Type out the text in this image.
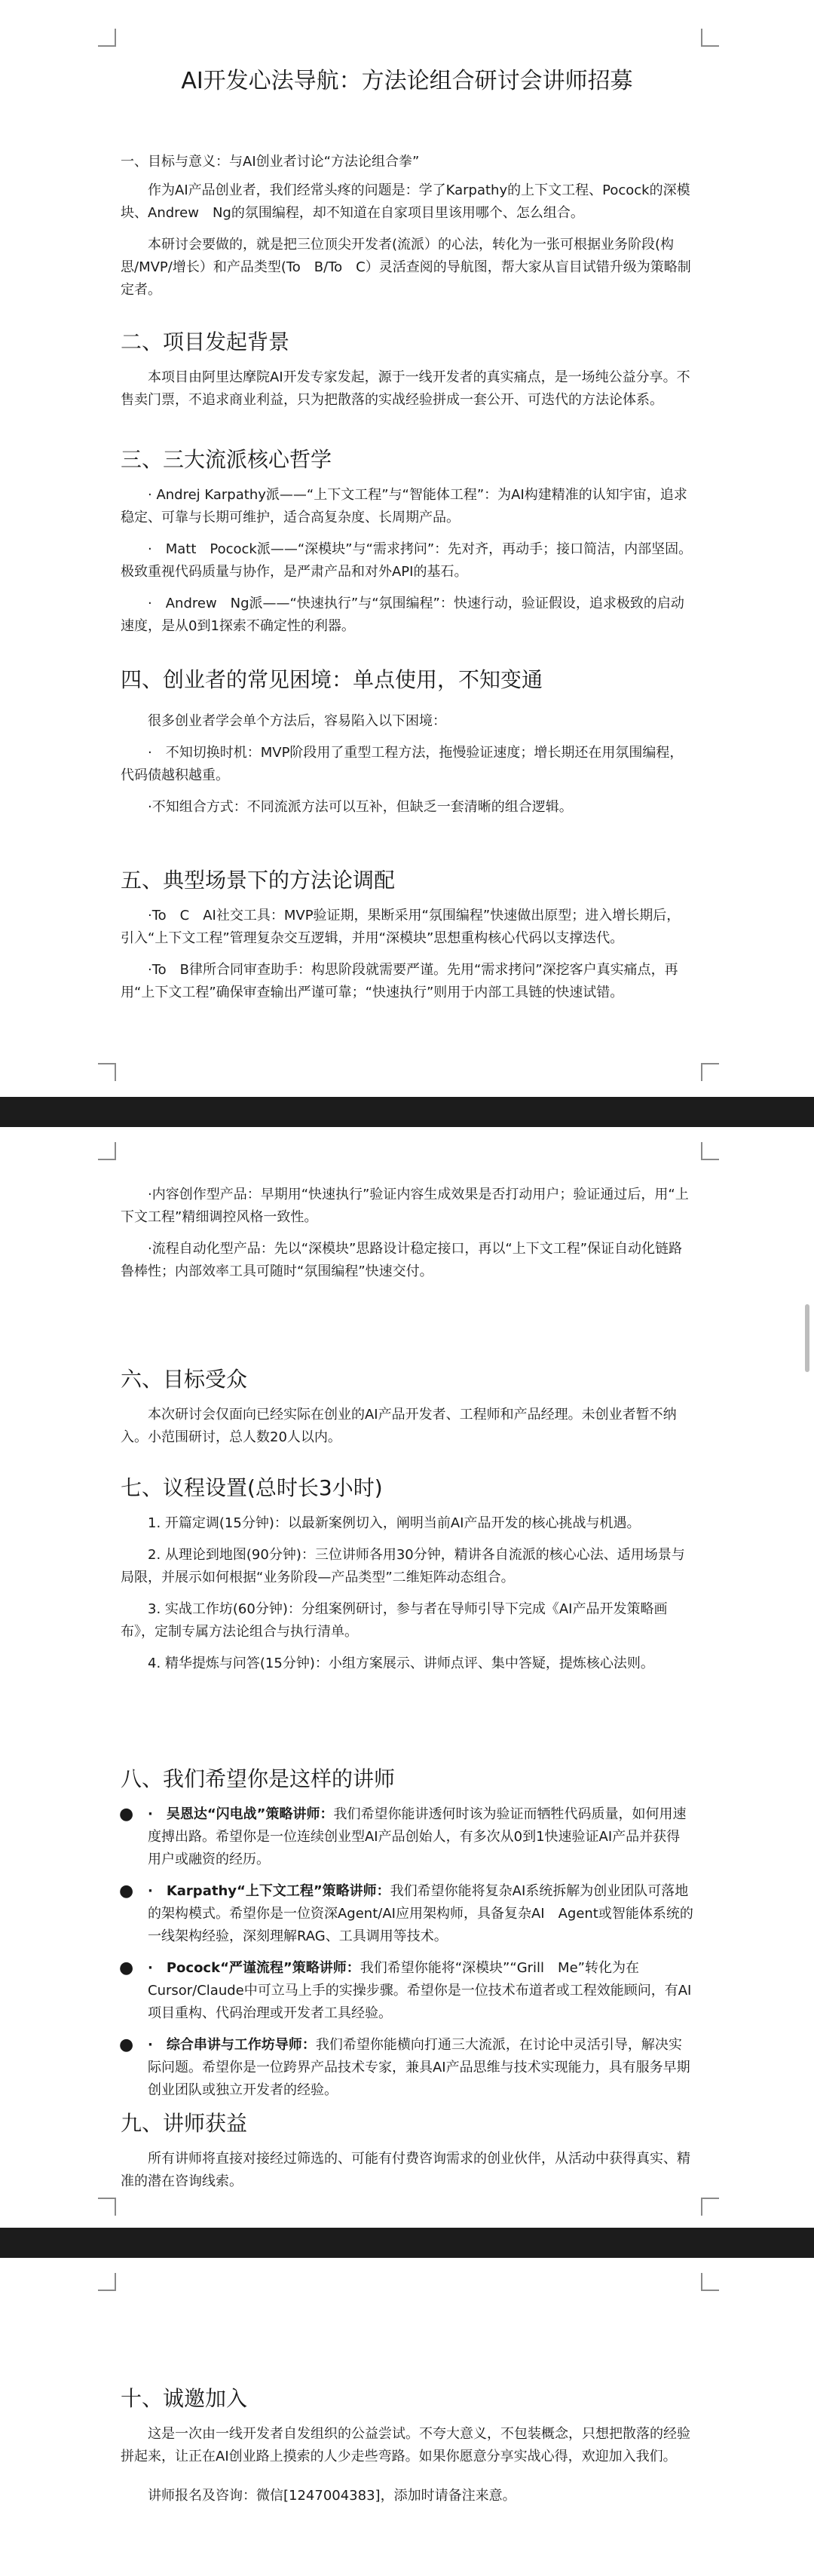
AI开发心法导航：方法论组合研讨会讲师招募
一、目标与意义：与AI创业者讨论“方法论组合拳”

作为AI产品创业者，我们经常头疼的问题是：学了Karpathy的上下文工程、Pocock的深模块、Andrew　Ng的氛围编程，却不知道在自家项目里该用哪个、怎么组合。

本研讨会要做的，就是把三位顶尖开发者(流派）的心法，转化为一张可根据业务阶段(构思/MVP/增长）和产品类型(To　B/To　C）灵活查阅的导航图，帮大家从盲目试错升级为策略制定者。

二、项目发起背景

本项目由阿里达摩院AI开发专家发起，源于一线开发者的真实痛点，是一场纯公益分享。不售卖门票，不追求商业利益，只为把散落的实战经验拼成一套公开、可迭代的方法论体系。

三、三大流派核心哲学

· Andrej Karpathy派——“上下文工程”与“智能体工程”：为AI构建精准的认知宇宙，追求稳定、可靠与长期可维护，适合高复杂度、长周期产品。

·　Matt　Pocock派——“深模块”与“需求拷问”：先对齐，再动手；接口简洁，内部坚固。极致重视代码质量与协作，是严肃产品和对外API的基石。

·　Andrew　Ng派——“快速执行”与“氛围编程”：快速行动，验证假设，追求极致的启动速度，是从0到1探索不确定性的利器。

四、创业者的常见困境：单点使用，不知变通

很多创业者学会单个方法后，容易陷入以下困境：

·　不知切换时机：MVP阶段用了重型工程方法，拖慢验证速度；增长期还在用氛围编程，代码债越积越重。

·不知组合方式：不同流派方法可以互补，但缺乏一套清晰的组合逻辑。

五、典型场景下的方法论调配

·To　C　AI社交工具：MVP验证期，果断采用“氛围编程”快速做出原型；进入增长期后，引入“上下文工程”管理复杂交互逻辑，并用“深模块”思想重构核心代码以支撑迭代。

·To　B律所合同审查助手：构思阶段就需要严谨。先用“需求拷问”深挖客户真实痛点，再用“上下文工程”确保审查输出严谨可靠；“快速执行”则用于内部工具链的快速试错。

·内容创作型产品：早期用“快速执行”验证内容生成效果是否打动用户；验证通过后，用“上下文工程”精细调控风格一致性。

·流程自动化型产品：先以“深模块”思路设计稳定接口，再以“上下文工程”保证自动化链路鲁棒性；内部效率工具可随时“氛围编程”快速交付。

六、目标受众

本次研讨会仅面向已经实际在创业的AI产品开发者、工程师和产品经理。未创业者暂不纳入。小范围研讨，总人数20人以内。

七、议程设置(总时长3小时)

1. 开篇定调(15分钟)：以最新案例切入，阐明当前AI产品开发的核心挑战与机遇。

2. 从理论到地图(90分钟)：三位讲师各用30分钟，精讲各自流派的核心心法、适用场景与局限，并展示如何根据“业务阶段—产品类型”二维矩阵动态组合。

3. 实战工作坊(60分钟)：分组案例研讨，参与者在导师引导下完成《AI产品开发策略画布》，定制专属方法论组合与执行清单。

4. 精华提炼与问答(15分钟)：小组方案展示、讲师点评、集中答疑，提炼核心法则。

八、我们希望你是这样的讲师
● ·　吴恩达“闪电战”策略讲师：我们希望你能讲透何时该为验证而牺牲代码质量，如何用速度搏出路。希望你是一位连续创业型AI产品创始人，有多次从0到1快速验证AI产品并获得用户或融资的经历。
● ·　Karpathy“上下文工程”策略讲师：我们希望你能将复杂AI系统拆解为创业团队可落地的架构模式。希望你是一位资深Agent/AI应用架构师，具备复杂AI　Agent或智能体系统的一线架构经验，深刻理解RAG、工具调用等技术。
● ·　Pocock“严谨流程”策略讲师：我们希望你能将“深模块”“Grill　Me”转化为在Cursor/Claude中可立马上手的实操步骤。希望你是一位技术布道者或工程效能顾问，有AI项目重构、代码治理或开发者工具经验。
● ·　综合串讲与工作坊导师：我们希望你能横向打通三大流派，在讨论中灵活引导，解决实际问题。希望你是一位跨界产品技术专家，兼具AI产品思维与技术实现能力，具有服务早期创业团队或独立开发者的经验。
九、讲师获益

所有讲师将直接对接经过筛选的、可能有付费咨询需求的创业伙伴，从活动中获得真实、精准的潜在咨询线索。

十、诚邀加入

这是一次由一线开发者自发组织的公益尝试。不夸大意义，不包装概念，只想把散落的经验拼起来，让正在AI创业路上摸索的人少走些弯路。如果你愿意分享实战心得，欢迎加入我们。

讲师报名及咨询：微信[1247004383]，添加时请备注来意。
